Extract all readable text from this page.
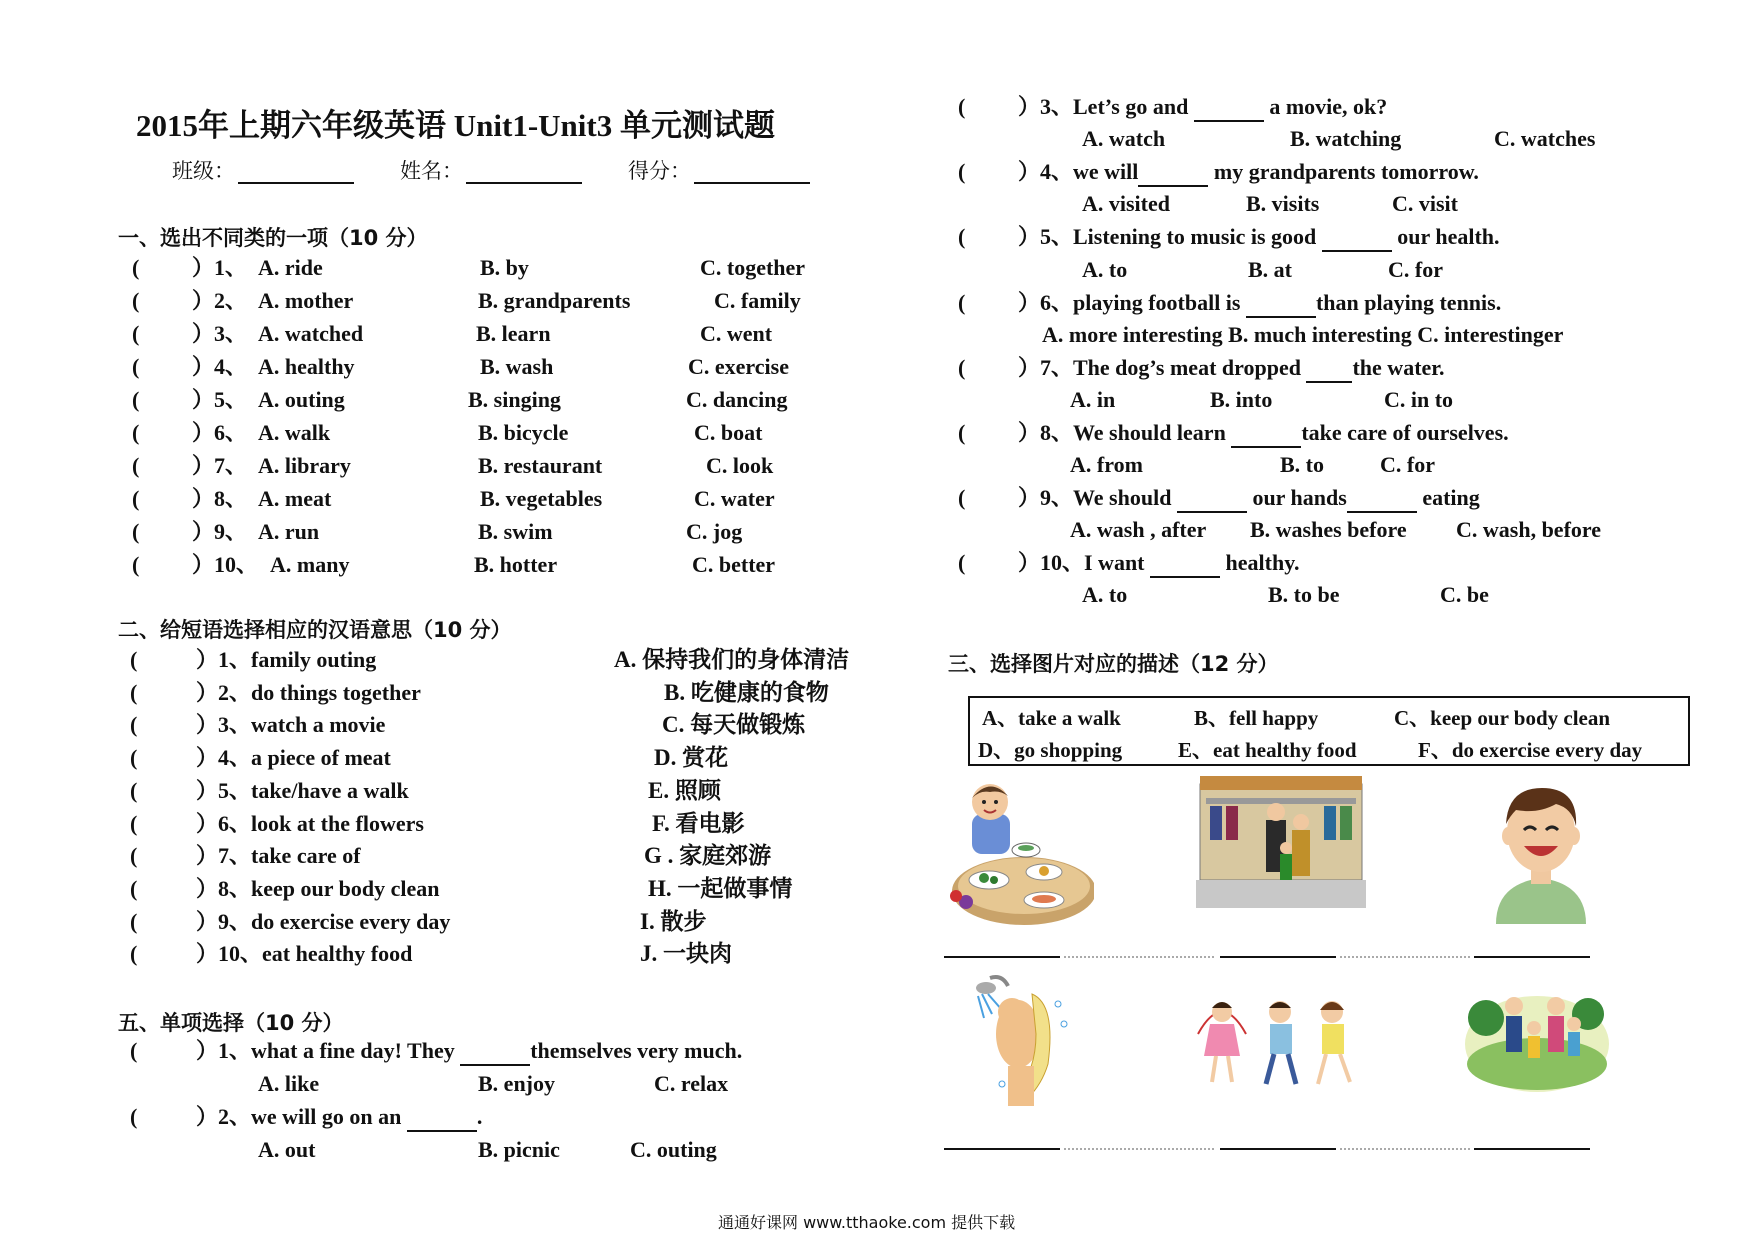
2015年上期六年级英语 Unit1-Unit3 单元测试题
班级：	姓名：	得分：
一、选出不同类的一项（10 分）
( ）1、 A. ride	B. by	C. together
( ）2、 A. mother	B. grandparents	C. family
( ）3、 A. watched	B. learn	C. went
( ）4、 A. healthy	B. wash	C. exercise
( ）5、 A. outing	B. singing	C. dancing
( ）6、 A. walk	B. bicycle	C. boat
( ）7、 A. library	B. restaurant	C. look
( ）8、 A. meat	B. vegetables	C. water
( ）9、 A. run	B. swim	C. jog
( ）10、 A. many	B. hotter	C. better
二、给短语选择相应的汉语意思（10 分）
(	）1、family outing	A. 保持我们的身体清洁
(	）2、do things together	B. 吃健康的食物
(	）3、watch a movie	C. 每天做锻炼
(	）4、a piece of meat	D. 赏花
(	）5、take/have a walk	E. 照顾
(	）6、look at the flowers	F. 看电影
(	）7、take care of	G . 家庭郊游
(	）8、keep our body clean	H. 一起做事情
(	）9、do exercise every day	I. 散步
(	）10、eat healthy food	J. 一块肉
五、单项选择（10 分）
(	）1、what a fine day! They	themselves very much.
A. like	B. enjoy	C. relax
(	）2、we will go on an	.
A. out	B. picnic	C. outing
( ）3、Let’s go and	a movie, ok?
A. watch	B. watching	C. watches
( ）4、we will	my grandparents tomorrow.
A. visited	B. visits	C. visit
( ）5、Listening to music is good	our health.
A. to	B. at	C. for
( ）6、playing football is	than playing tennis.
A. more interesting B. much interesting C. interestinger
( ）7、The dog’s meat dropped the water.
A. in	B. into	C. in to
( ）8、We should learn	take care of ourselves.
A. from	B. to	C. for
( ）9、We should	our hands	eating
A. wash , after B. washes before C. wash, before
( ）10、I want	healthy.
A. to	B. to be	C. be
三、选择图片对应的描述（12 分）
A、take a walk	B、fell happy	C、keep our body clean
D、go shopping	E、eat healthy food	F、do exercise every day
通通好课网 www.tthaoke.com 提供下载
